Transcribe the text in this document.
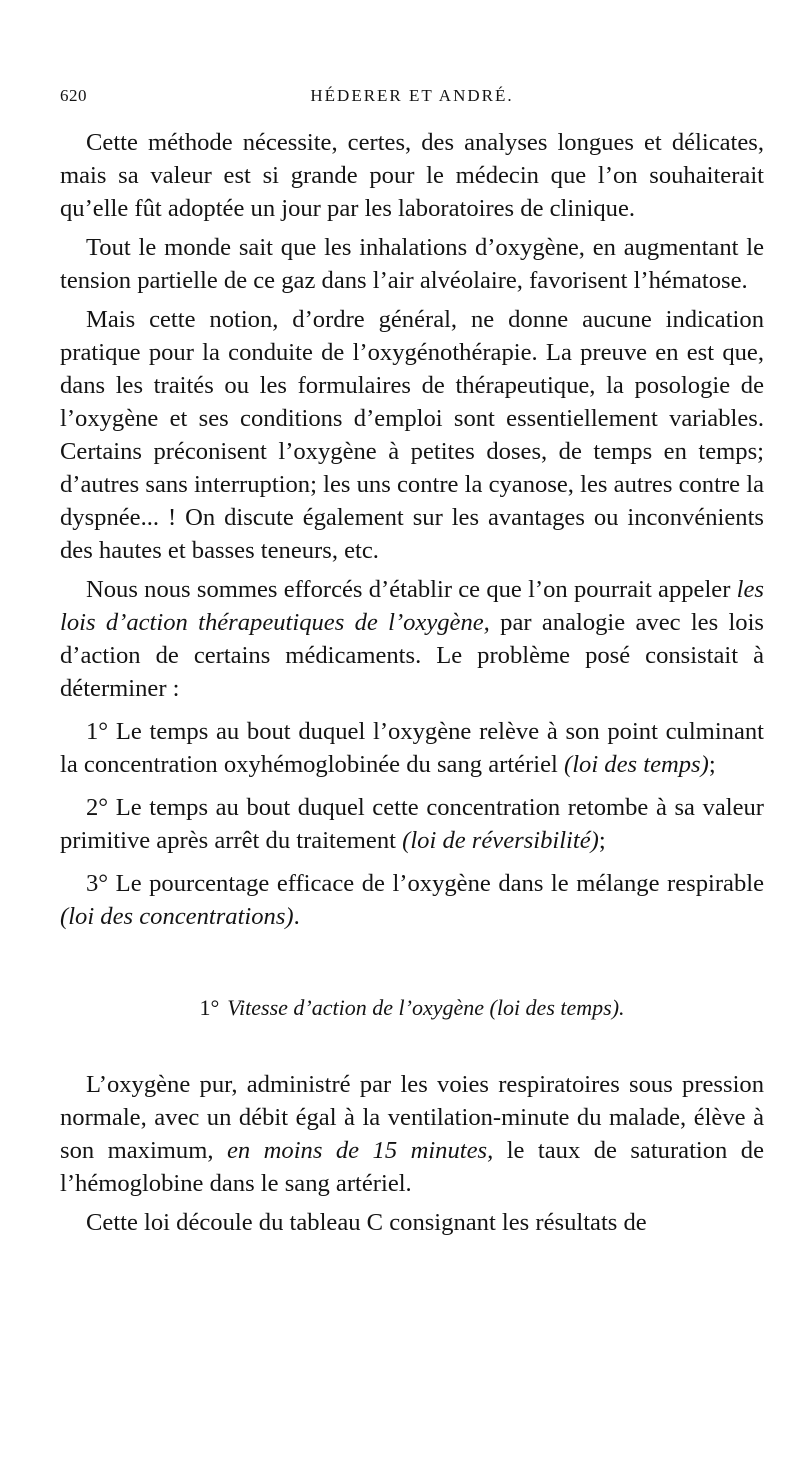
620	HÉDERER ET ANDRÉ.

Cette méthode nécessite, certes, des analyses longues et délicates, mais sa valeur est si grande pour le médecin que l’on souhaiterait qu’elle fût adoptée un jour par les laboratoires de clinique.

Tout le monde sait que les inhalations d’oxygène, en augmentant le tension partielle de ce gaz dans l’air alvéolaire, favorisent l’hématose.

Mais cette notion, d’ordre général, ne donne aucune indication pratique pour la conduite de l’oxygénothérapie. La preuve en est que, dans les traités ou les formulaires de thérapeutique, la posologie de l’oxygène et ses conditions d’emploi sont essentiellement variables. Certains préconisent l’oxygène à petites doses, de temps en temps; d’autres sans interruption; les uns contre la cyanose, les autres contre la dyspnée... ! On discute également sur les avantages ou inconvénients des hautes et basses teneurs, etc.

Nous nous sommes efforcés d’établir ce que l’on pourrait appeler les lois d’action thérapeutiques de l’oxygène, par analogie avec les lois d’action de certains médicaments. Le problème posé consistait à déterminer :

1° Le temps au bout duquel l’oxygène relève à son point culminant la concentration oxyhémoglobinée du sang artériel (loi des temps);

2° Le temps au bout duquel cette concentration retombe à sa valeur primitive après arrêt du traitement (loi de réversibilité);

3° Le pourcentage efficace de l’oxygène dans le mélange respirable (loi des concentrations).

1° Vitesse d’action de l’oxygène (loi des temps).

L’oxygène pur, administré par les voies respiratoires sous pression normale, avec un débit égal à la ventilation-minute du malade, élève à son maximum, en moins de 15 minutes, le taux de saturation de l’hémoglobine dans le sang artériel.

Cette loi découle du tableau C consignant les résultats de
